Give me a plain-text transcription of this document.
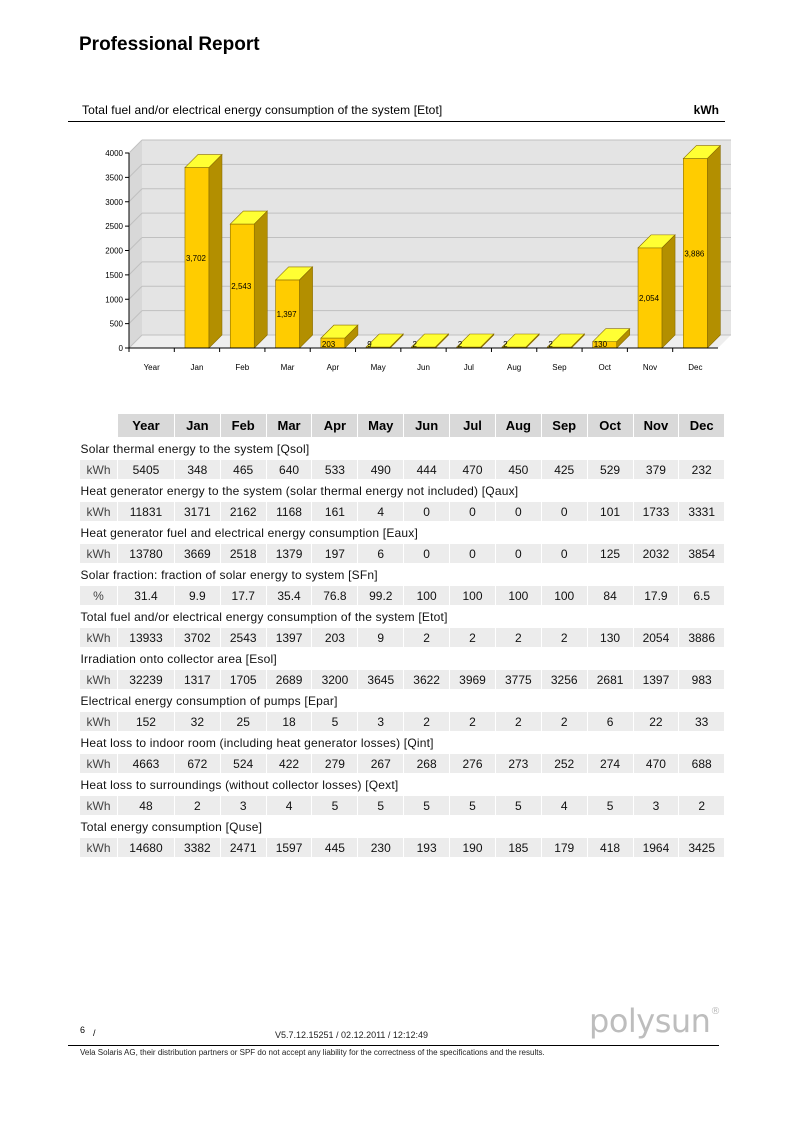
Professional Report
Total fuel and/or electrical energy consumption of the system [Etot]	kWh
0
500
1000
1500
2000
2500
3000
3500
4000
Year	Jan
3,702
Feb
2,543
Mar
1,397
Apr
203
May
9
Jun
2
Jul
2
Aug
2
Sep
2
Oct
130
Nov
2,054
Dec
3,886
	Year	Jan	Feb	Mar	Apr	May	Jun	Jul	Aug	Sep	Oct	Nov	Dec
Solar thermal energy to the system [Qsol]													
kWh	5405	348	465	640	533	490	444	470	450	425	529	379	232
Heat generator energy to the system (solar thermal energy not included) [Qaux]													
kWh	11831	3171	2162	1168	161	4	0	0	0	0	101	1733	3331
Heat generator fuel and electrical energy consumption [Eaux]													
kWh	13780	3669	2518	1379	197	6	0	0	0	0	125	2032	3854
Solar fraction: fraction of solar energy to system [SFn]													
%	31.4	9.9	17.7	35.4	76.8	99.2	100	100	100	100	84	17.9	6.5
Total fuel and/or electrical energy consumption of the system [Etot]													
kWh	13933	3702	2543	1397	203	9	2	2	2	2	130	2054	3886
Irradiation onto collector area [Esol]													
kWh	32239	1317	1705	2689	3200	3645	3622	3969	3775	3256	2681	1397	983
Electrical energy consumption of pumps [Epar]													
kWh	152	32	25	18	5	3	2	2	2	2	6	22	33
Heat loss to indoor room (including heat generator losses) [Qint]													
kWh	4663	672	524	422	279	267	268	276	273	252	274	470	688
Heat loss to surroundings (without collector losses) [Qext]													
kWh	48	2	3	4	5	5	5	5	5	4	5	3	2
Total energy consumption [Quse]													
kWh	14680	3382	2471	1597	445	230	193	190	185	179	418	1964	3425
6 /	V5.7.12.15251 / 02.12.2011 / 12:12:49	polysun®
Vela Solaris AG, their distribution partners or SPF do not accept any liability for the correctness of the specifications and the results.
